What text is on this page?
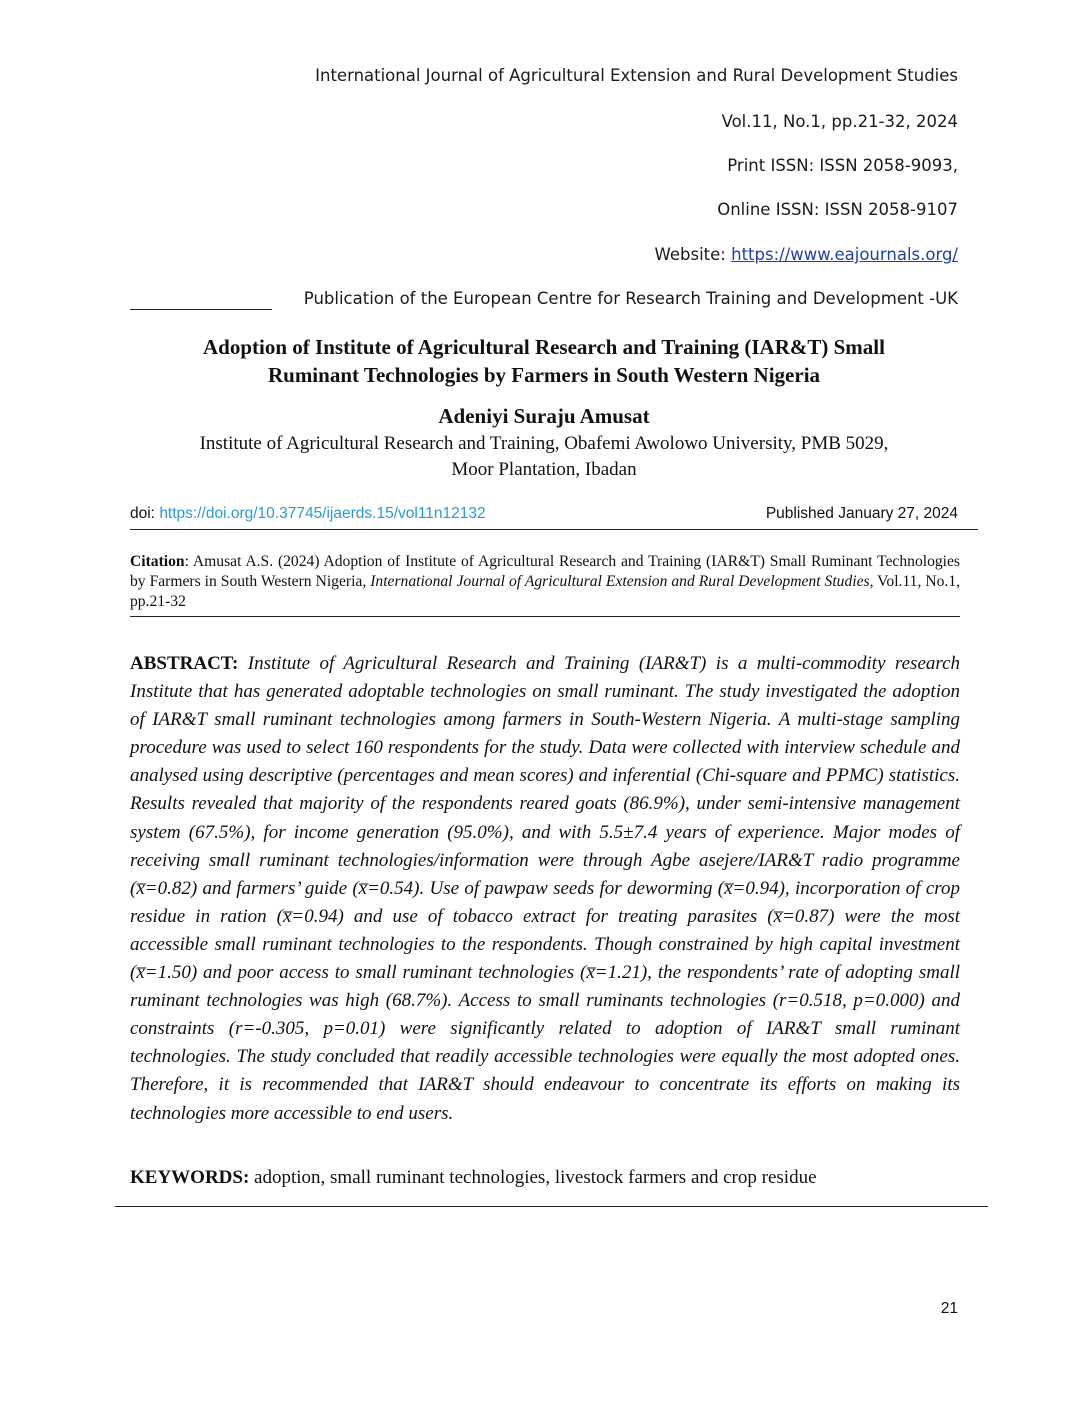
International Journal of Agricultural Extension and Rural Development Studies
Vol.11, No.1, pp.21-32, 2024
Print ISSN: ISSN 2058-9093,
Online ISSN: ISSN 2058-9107
Website: https://www.eajournals.org/
Publication of the European Centre for Research Training and Development -UK
Adoption of Institute of Agricultural Research and Training (IAR&T) Small
Ruminant Technologies by Farmers in South Western Nigeria
Adeniyi Suraju Amusat
Institute of Agricultural Research and Training, Obafemi Awolowo University, PMB 5029,
Moor Plantation, Ibadan
doi: https://doi.org/10.37745/ijaerds.15/vol11n12132	Published January 27, 2024
Citation: Amusat A.S. (2024) Adoption of Institute of Agricultural Research and Training (IAR&T) Small Ruminant Technologies by Farmers in South Western Nigeria, International Journal of Agricultural Extension and Rural Development Studies, Vol.11, No.1, pp.21-32
ABSTRACT: Institute of Agricultural Research and Training (IAR&T) is a multi-commodity research Institute that has generated adoptable technologies on small ruminant. The study investigated the adoption of IAR&T small ruminant technologies among farmers in South-Western Nigeria. A multi-stage sampling procedure was used to select 160 respondents for the study. Data were collected with interview schedule and analysed using descriptive (percentages and mean scores) and inferential (Chi-square and PPMC) statistics. Results revealed that majority of the respondents reared goats (86.9%), under semi-intensive management system (67.5%), for income generation (95.0%), and with 5.5±7.4 years of experience. Major modes of receiving small ruminant technologies/information were through Agbe asejere/IAR&T radio programme (x̅=0.82) and farmers’ guide (x̅=0.54). Use of pawpaw seeds for deworming (x̅=0.94), incorporation of crop residue in ration (x̅=0.94) and use of tobacco extract for treating parasites (x̅=0.87) were the most accessible small ruminant technologies to the respondents. Though constrained by high capital investment (x̅=1.50) and poor access to small ruminant technologies (x̅=1.21), the respondents’ rate of adopting small ruminant technologies was high (68.7%). Access to small ruminants technologies (r=0.518, p=0.000) and constraints (r=-0.305, p=0.01) were significantly related to adoption of IAR&T small ruminant technologies. The study concluded that readily accessible technologies were equally the most adopted ones. Therefore, it is recommended that IAR&T should endeavour to concentrate its efforts on making its technologies more accessible to end users.
KEYWORDS: adoption, small ruminant technologies, livestock farmers and crop residue
21
